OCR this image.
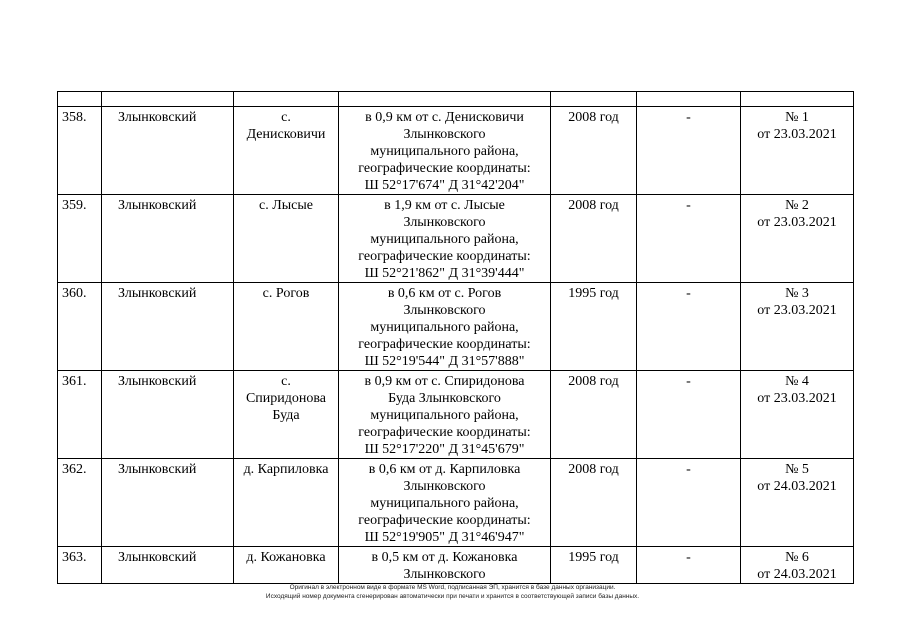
358.	Злынковский	с.
Денисковичи	в 0,9 км от с. Денисковичи
Злынковского
муниципального района,
географические координаты:
Ш 52°17'674" Д 31°42'204"	2008 год	-	№ 1
от 23.03.2021

359.	Злынковский	с. Лысые	в 1,9 км от с. Лысые
Злынковского
муниципального района,
географические координаты:
Ш 52°21'862" Д 31°39'444"	2008 год	-	№ 2
от 23.03.2021

360.	Злынковский	с. Рогов	в 0,6 км от с. Рогов
Злынковского
муниципального района,
географические координаты:
Ш 52°19'544" Д 31°57'888"	1995 год	-	№ 3
от 23.03.2021

361.	Злынковский	с.
Спиридонова
Буда	в 0,9 км от с. Спиридонова
Буда Злынковского
муниципального района,
географические координаты:
Ш 52°17'220" Д 31°45'679"	2008 год	-	№ 4
от 23.03.2021

362.	Злынковский	д. Карпиловка	в 0,6 км от д. Карпиловка
Злынковского
муниципального района,
географические координаты:
Ш 52°19'905" Д 31°46'947"	2008 год	-	№ 5
от 24.03.2021

363.	Злынковский	д. Кожановка	в 0,5 км от д. Кожановка
Злынковского	1995 год	-	№ 6
от 24.03.2021
Оригинал в электронном виде в формате MS Word, подписанная ЭП, хранится в базе данных организации.
Исходящий номер документа сгенерирован автоматически при печати и хранится в соответствующей записи базы данных.
